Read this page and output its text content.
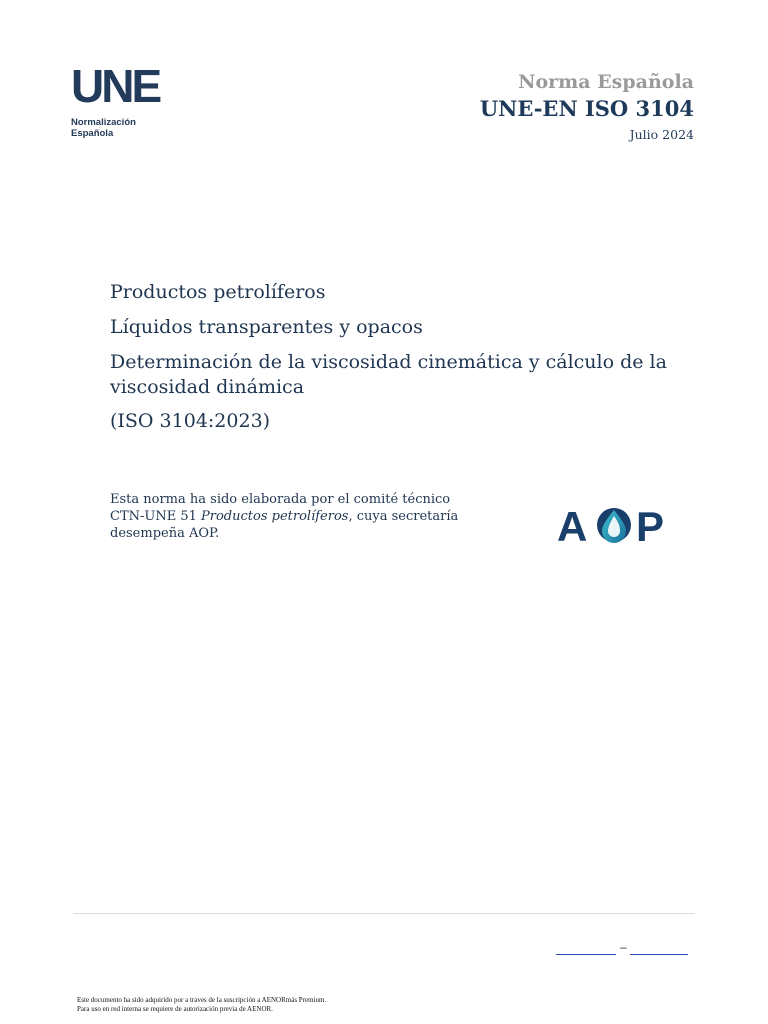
UNE
Normalización
Española
Norma Española
UNE-EN ISO 3104
Julio 2024
Productos petrolíferos
Líquidos transparentes y opacos
Determinación de la viscosidad cinemática y cálculo de la
viscosidad dinámica
(ISO 3104:2023)
Esta norma ha sido elaborada por el comité técnico
CTN-UNE 51 Productos petrolíferos, cuya secretaría
desempeña AOP.	A P
–
Este documento ha sido adquirido por a traves de la suscripción a AENORmás Premium.
Para uso en red interna se requiere de autorización previa de AENOR.
